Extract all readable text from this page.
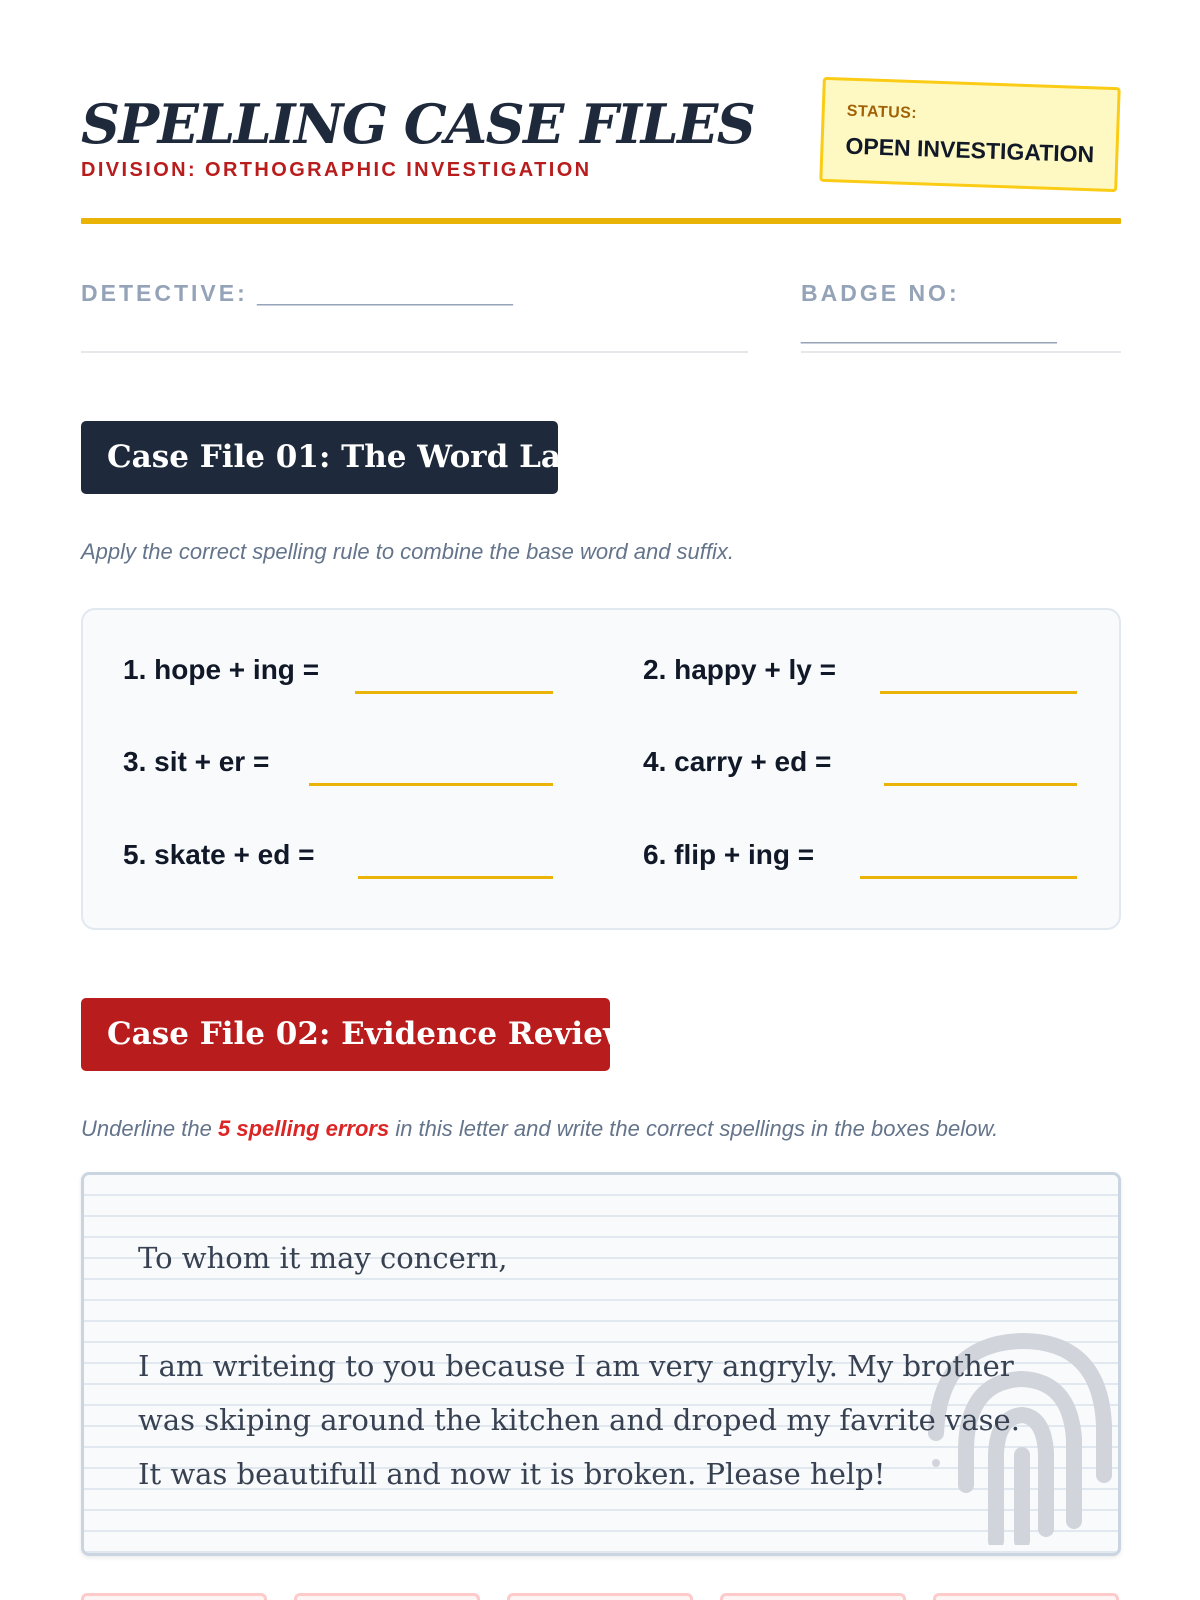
SPELLING CASE FILES
DIVISION: ORTHOGRAPHIC INVESTIGATION
STATUS:
OPEN INVESTIGATION
DETECTIVE: ____________________	BADGE NO:
____________________
Case File 01: The Word Lab
Apply the correct spelling rule to combine the base word and suffix.
1. hope + ing =	2. happy + ly =
3. sit + er =	4. carry + ed =
5. skate + ed =	6. flip + ing =
Case File 02: Evidence Review
Underline the 5 spelling errors in this letter and write the correct spellings in the boxes below.

To whom it may concern,

I am writeing to you because I am very angryly. My brother was skiping around the kitchen and droped my favrite vase. It was beautifull and now it is broken. Please help!
